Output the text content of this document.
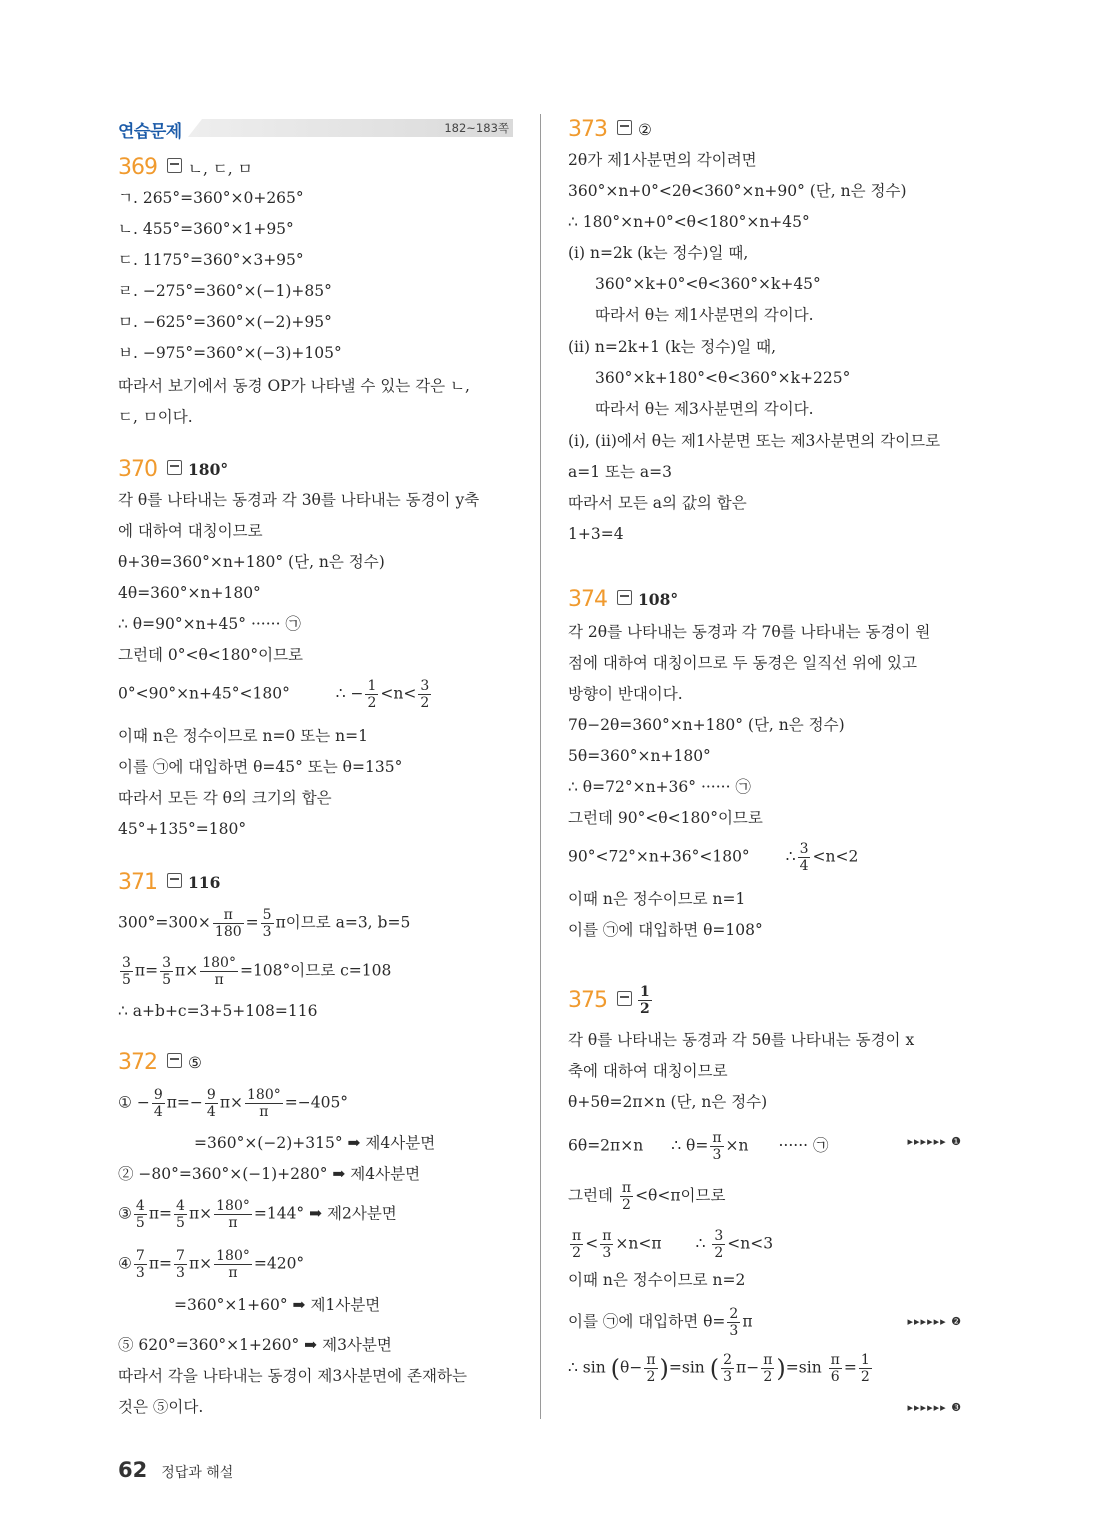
연습문제	182~183쪽
369 ㄴ, ㄷ, ㅁ
ㄱ. 265°=360°×0+265°
ㄴ. 455°=360°×1+95°
ㄷ. 1175°=360°×3+95°
ㄹ. −275°=360°×(−1)+85°
ㅁ. −625°=360°×(−2)+95°
ㅂ. −975°=360°×(−3)+105°
따라서 보기에서 동경 OP가 나타낼 수 있는 각은 ㄴ,
ㄷ, ㅁ이다.
370 180°
각 θ를 나타내는 동경과 각 3θ를 나타내는 동경이 y축
에 대하여 대칭이므로
θ+3θ=360°×n+180° (단, n은 정수)
4θ=360°×n+180°
∴ θ=90°×n+45° ······ ㉠
그런데 0°<θ<180°이므로
0°<90°×n+45°<180°	∴ − $\frac{1}{2} <n< \frac{3}{2}$
이때 n은 정수이므로 n=0 또는 n=1
이를 ㉠에 대입하면 θ=45° 또는 θ=135°
따라서 모든 각 θ의 크기의 합은
45°+135°=180°
371 116
$300^\circ=300\times \frac{\pi}{180} = \frac{5}{3}$ π이므로 a=3, b=5
$\frac{3}{5} \pi= \frac{3}{5} \pi\times \frac{180^\circ}{\pi} =108^\circ$이므로 c=108
∴ a+b+c=3+5+108=116
372 ⑤
① − $\frac{9}{4} \pi=- \frac{9}{4} \pi\times \frac{180^\circ}{\pi} =-405^\circ$
=360°×(−2)+315° ➡ 제4사분면
② −80°=360°×(−1)+280° ➡ 제4사분면
③ $\frac{4}{5} \pi= \frac{4}{5} \pi\times \frac{180^\circ}{\pi} =144^\circ$ ➡ 제2사분면
④ $\frac{7}{3} \pi= \frac{7}{3} \pi\times \frac{180^\circ}{\pi} =420^\circ$
=360°×1+60° ➡ 제1사분면
⑤ 620°=360°×1+260° ➡ 제3사분면
따라서 각을 나타내는 동경이 제3사분면에 존재하는
것은 ⑤이다.
373 ②
2θ가 제1사분면의 각이려면
360°×n+0°<2θ<360°×n+90° (단, n은 정수)
∴ 180°×n+0°<θ<180°×n+45°
(ⅰ) n=2k (k는 정수)일 때,
360°×k+0°<θ<360°×k+45°
따라서 θ는 제1사분면의 각이다.
(ⅱ) n=2k+1 (k는 정수)일 때,
360°×k+180°<θ<360°×k+225°
따라서 θ는 제3사분면의 각이다.
(ⅰ), (ⅱ)에서 θ는 제1사분면 또는 제3사분면의 각이므로
a=1 또는 a=3
따라서 모든 a의 값의 합은
1+3=4
374 108°
각 2θ를 나타내는 동경과 각 7θ를 나타내는 동경이 원
점에 대하여 대칭이므로 두 동경은 일직선 위에 있고
방향이 반대이다.
7θ−2θ=360°×n+180° (단, n은 정수)
5θ=360°×n+180°
∴ θ=72°×n+36° ······ ㉠
그런데 90°<θ<180°이므로
90°<72°×n+36°<180° ∴ $\frac{3}{4} <n<2$
이때 n은 정수이므로 n=1
이를 ㉠에 대입하면 θ=108°
$375 \frac{1}{2}$
각 θ를 나타내는 동경과 각 5θ를 나타내는 동경이 x
축에 대하여 대칭이므로
θ+5θ=2π×n (단, n은 정수)
6θ=2π×n ∴ $\theta= \frac{\pi}{3} \times n$ ······ ㉠	▸▸▸▸▸▸ ❶
그런데 $\frac{\pi}{2} <\theta<\pi$이므로
$\frac{\pi}{2} < \frac{\pi}{3} \times n<\pi$ ∴ $\frac{3}{2} <n<3$
이때 n은 정수이므로 n=2
이를 ㉠에 대입하면 $\theta= \frac{2}{3}$ π	▸▸▸▸▸▸ ❷
∴ $\sin (\theta- \frac{\pi}{2} )=\sin$ ( $\frac{2}{3} \pi- \frac{\pi}{2} )=\sin \frac{\pi}{6} = \frac{1}{2}$
▸▸▸▸▸▸ ❸
62 정답과 해설
